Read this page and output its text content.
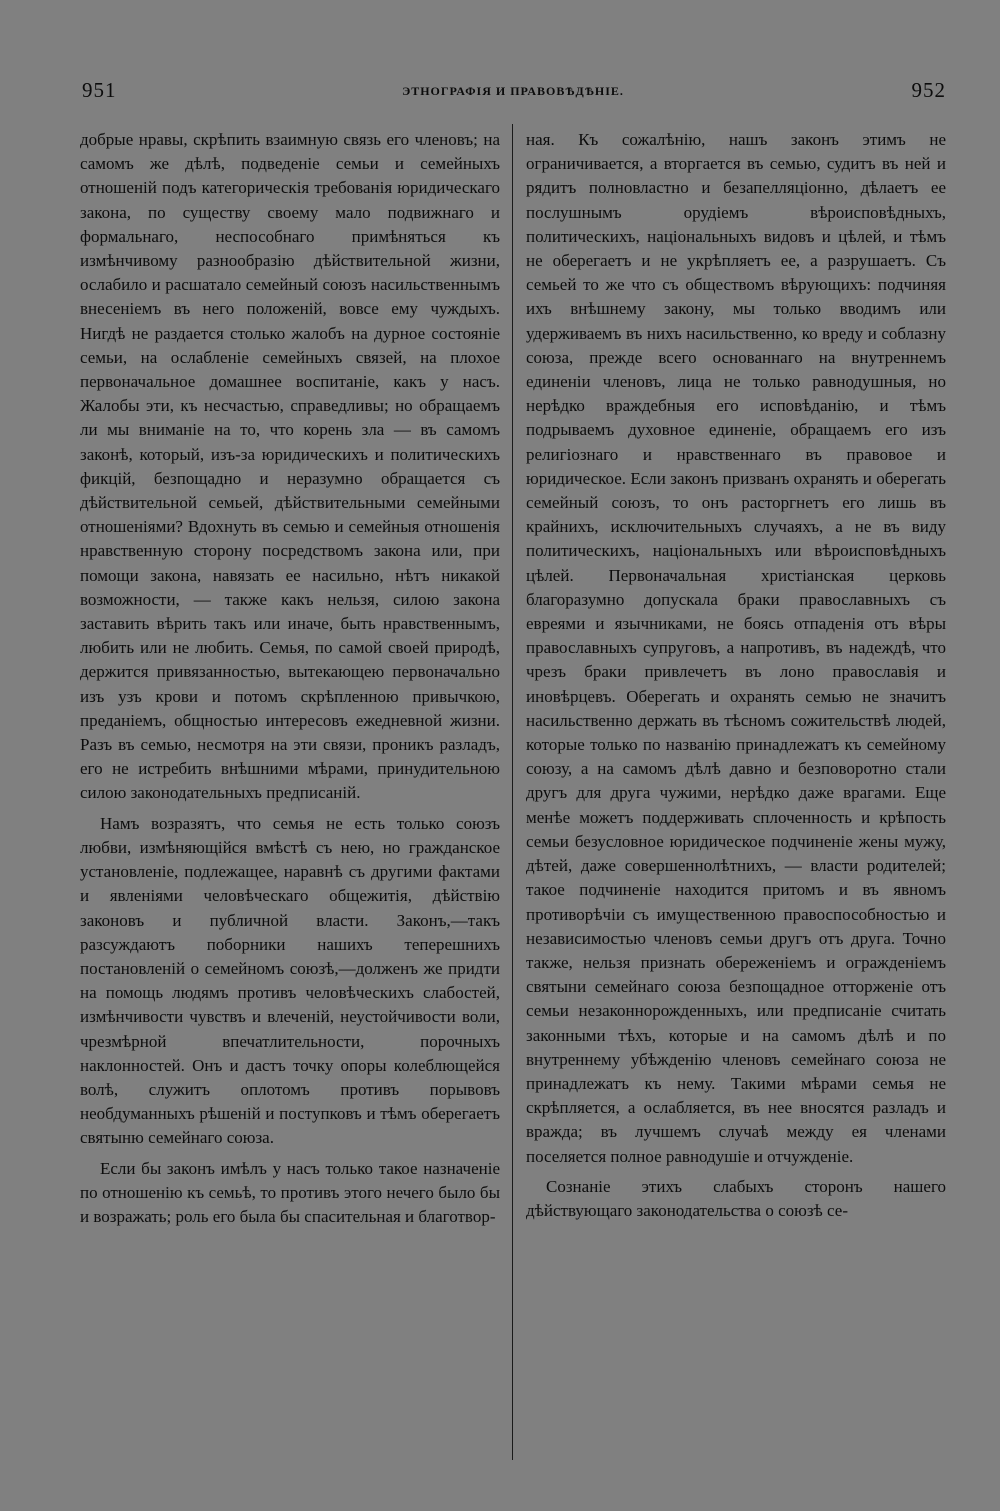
951	ЭТНОГРАФІЯ И ПРАВОВѢДѢНІЕ.	952

добрые нравы, скрѣпить взаимную связь его членовъ; на самомъ же дѣлѣ, подведеніе семьи и семейныхъ отношеній подъ категорическія требованія юридическаго закона, по существу своему мало подвижнаго и формальнаго, неспособнаго примѣняться къ измѣнчивому разнообразію дѣйствительной жизни, ослабило и расшатало семейный союзъ насильственнымъ внесеніемъ въ него положеній, вовсе ему чуждыхъ. Нигдѣ не раздается столько жалобъ на дурное состояніе семьи, на ослабленіе семейныхъ связей, на плохое первоначальное домашнее воспитаніе, какъ у насъ. Жалобы эти, къ несчастью, справедливы; но обращаемъ ли мы вниманіе на то, что корень зла — въ самомъ законѣ, который, изъ-за юридическихъ и политическихъ фикцій, безпощадно и неразумно обращается съ дѣйствительной семьей, дѣйствительными семейными отношеніями? Вдохнуть въ семью и семейныя отношенія нравственную сторону посредствомъ закона или, при помощи закона, навязать ее насильно, нѣтъ никакой возможности, — также какъ нельзя, силою закона заставить вѣрить такъ или иначе, быть нравственнымъ, любить или не любить. Семья, по самой своей природѣ, держится привязанностью, вытекающею первоначально изъ узъ крови и потомъ скрѣпленною привычкою, преданіемъ, общностью интересовъ ежедневной жизни. Разъ въ семью, несмотря на эти связи, проникъ разладъ, его не истребить внѣшними мѣрами, принудительною силою законодательныхъ предписаній.

Намъ возразятъ, что семья не есть только союзъ любви, измѣняющійся вмѣстѣ съ нею, но гражданское установленіе, подлежащее, наравнѣ съ другими фактами и явленіями человѣческаго общежитія, дѣйствію законовъ и публичной власти. Законъ,—такъ разсуждаютъ поборники нашихъ теперешнихъ постановленій о семейномъ союзѣ,—долженъ же придти на помощь людямъ противъ человѣческихъ слабостей, измѣнчивости чувствъ и влеченій, неустойчивости воли, чрезмѣрной впечатлительности, порочныхъ наклонностей. Онъ и дастъ точку опоры колеблющейся волѣ, служитъ оплотомъ противъ порывовъ необдуманныхъ рѣшеній и поступковъ и тѣмъ оберегаетъ святыню семейнаго союза.

Если бы законъ имѣлъ у насъ только такое назначеніе по отношенію къ семьѣ, то противъ этого нечего было бы и возражать; роль его была бы спасительная и благотвор-

ная. Къ сожалѣнію, нашъ законъ этимъ не ограничивается, а вторгается въ семью, судитъ въ ней и рядитъ полновластно и безапелляціонно, дѣлаетъ ее послушнымъ орудіемъ вѣроисповѣдныхъ, политическихъ, національныхъ видовъ и цѣлей, и тѣмъ не оберегаетъ и не укрѣпляетъ ее, а разрушаетъ. Съ семьей то же что съ обществомъ вѣрующихъ: подчиняя ихъ внѣшнему закону, мы только вводимъ или удерживаемъ въ нихъ насильственно, ко вреду и соблазну союза, прежде всего основаннаго на внутреннемъ единеніи членовъ, лица не только равнодушныя, но нерѣдко враждебныя его исповѣданію, и тѣмъ подрываемъ духовное единеніе, обращаемъ его изъ религіознаго и нравственнаго въ правовое и юридическое. Если законъ призванъ охранять и оберегать семейный союзъ, то онъ расторгнетъ его лишь въ крайнихъ, исключительныхъ случаяхъ, а не въ виду политическихъ, національныхъ или вѣроисповѣдныхъ цѣлей. Первоначальная христіанская церковь благоразумно допускала браки православныхъ съ евреями и язычниками, не боясь отпаденія отъ вѣры православныхъ супруговъ, а напротивъ, въ надеждѣ, что чрезъ браки привлечетъ въ лоно православія и иновѣрцевъ. Оберегать и охранять семью не значитъ насильственно держать въ тѣсномъ сожительствѣ людей, которые только по названію принадлежатъ къ семейному союзу, а на самомъ дѣлѣ давно и безповоротно стали другъ для друга чужими, нерѣдко даже врагами. Еще менѣе можетъ поддерживать сплоченность и крѣпость семьи безусловное юридическое подчиненіе жены мужу, дѣтей, даже совершеннолѣтнихъ, — власти родителей; такое подчиненіе находится притомъ и въ явномъ противорѣчіи съ имущественною правоспособностью и независимостью членовъ семьи другъ отъ друга. Точно также, нельзя признать обереженіемъ и огражденіемъ святыни семейнаго союза безпощадное отторженіе отъ семьи незаконнорожденныхъ, или предписаніе считать законными тѣхъ, которые и на самомъ дѣлѣ и по внутреннему убѣжденію членовъ семейнаго союза не принадлежатъ къ нему. Такими мѣрами семья не скрѣпляется, а ослабляется, въ нее вносятся разладъ и вражда; въ лучшемъ случаѣ между ея членами поселяется полное равнодушіе и отчужденіе.

Сознаніе этихъ слабыхъ сторонъ нашего дѣйствующаго законодательства о союзѣ се-
